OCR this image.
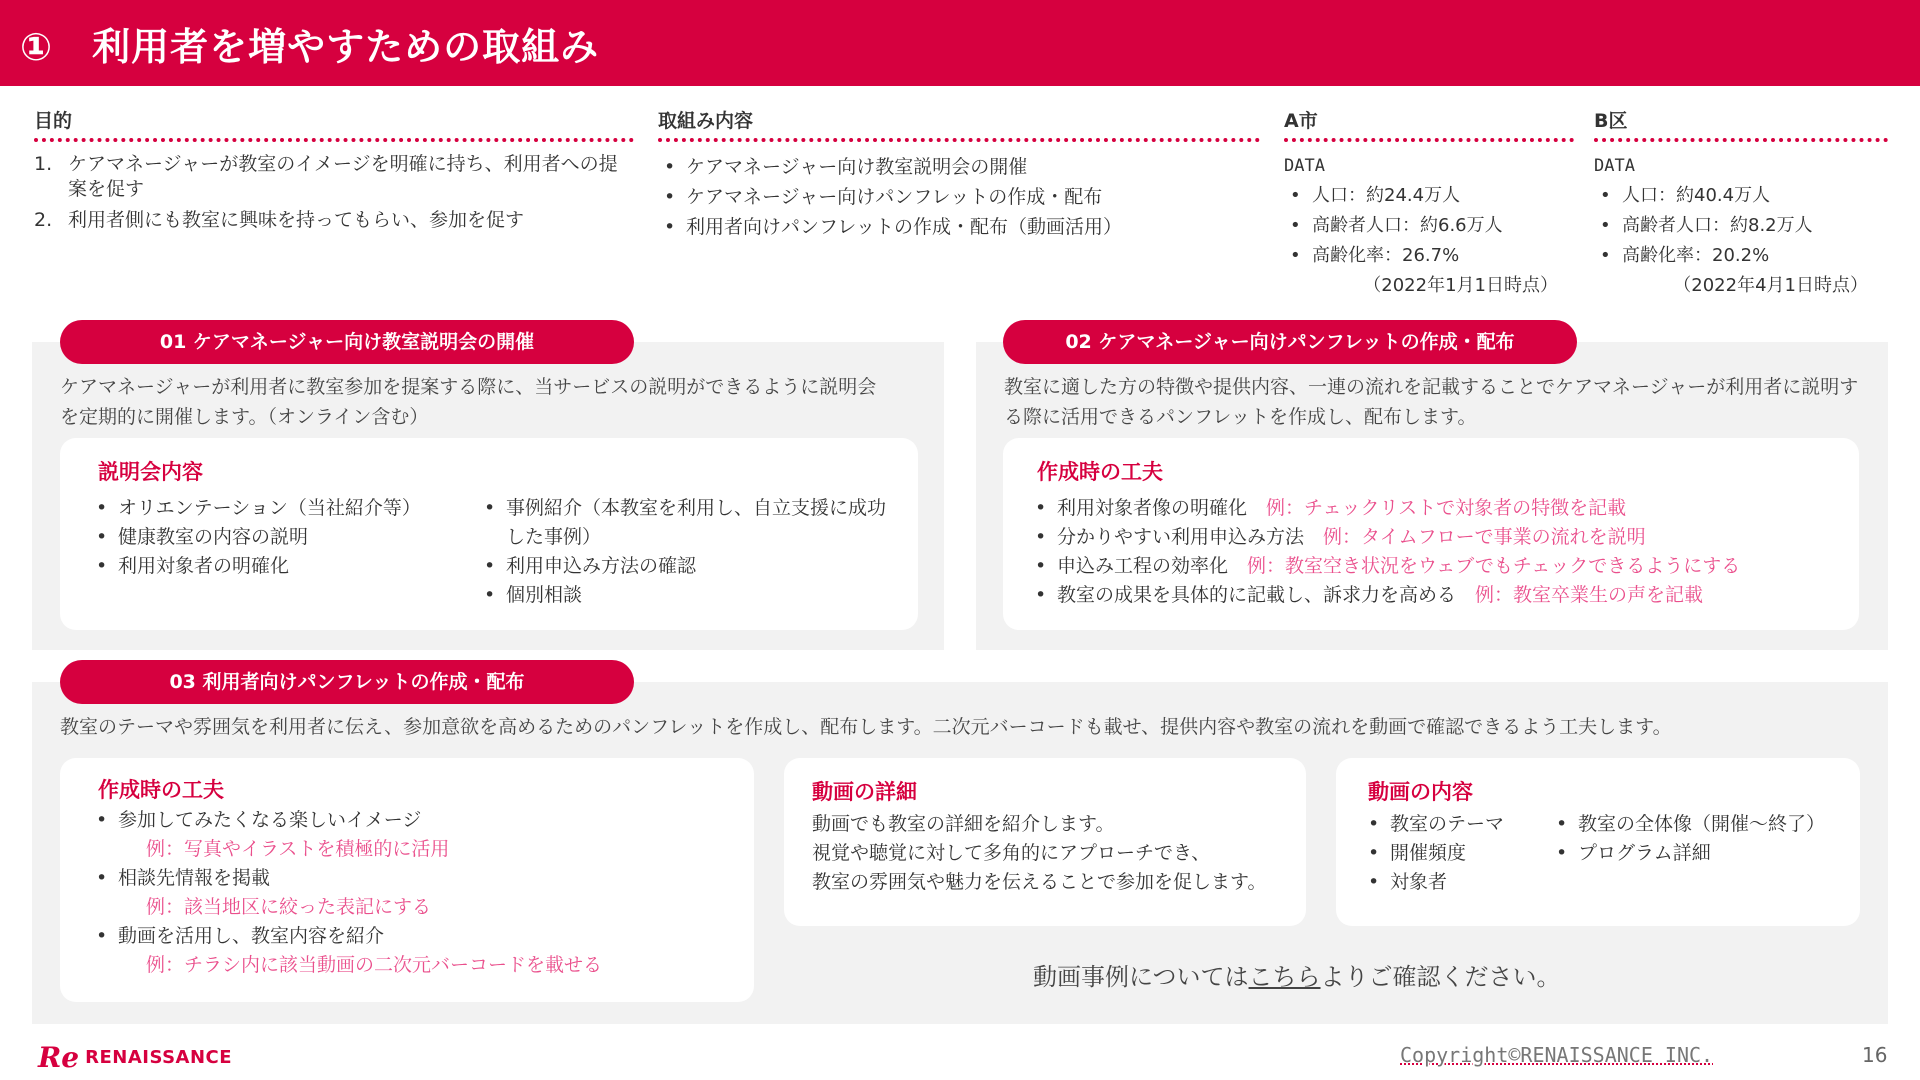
①　利用者を増やすための取組み
目的	取組み内容	A市	B区
1. ケアマネージャーが教室のイメージを明確に持ち、利用者への提案を促す
2. 利用者側にも教室に興味を持ってもらい、参加を促す
• ケアマネージャー向け教室説明会の開催
• ケアマネージャー向けパンフレットの作成・配布
• 利用者向けパンフレットの作成・配布（動画活用）
DATA
• 人口：約24.4万人
• 高齢者人口：約6.6万人
• 高齢化率：26.7%
（2022年1月1日時点）
DATA
• 人口：約40.4万人
• 高齢者人口：約8.2万人
• 高齢化率：20.2%
（2022年4月1日時点）
01 ケアマネージャー向け教室説明会の開催
ケアマネージャーが利用者に教室参加を提案する際に、当サービスの説明ができるように説明会を定期的に開催します。（オンライン含む）
説明会内容
• オリエンテーション（当社紹介等）
• 健康教室の内容の説明
• 利用対象者の明確化
• 事例紹介（本教室を利用し、自立支援に成功した事例）
• 利用申込み方法の確認
• 個別相談
02 ケアマネージャー向けパンフレットの作成・配布
教室に適した方の特徴や提供内容、一連の流れを記載することでケアマネージャーが利用者に説明する際に活用できるパンフレットを作成し、配布します。
作成時の工夫
• 利用対象者像の明確化　 例：チェックリストで対象者の特徴を記載
• 分かりやすい利用申込み方法　 例：タイムフローで事業の流れを説明
• 申込み工程の効率化　 例：教室空き状況をウェブでもチェックできるようにする
• 教室の成果を具体的に記載し、訴求力を高める　 例：教室卒業生の声を記載
03 利用者向けパンフレットの作成・配布
教室のテーマや雰囲気を利用者に伝え、参加意欲を高めるためのパンフレットを作成し、配布します。二次元バーコードも載せ、提供内容や教室の流れを動画で確認できるよう工夫します。
作成時の工夫
• 参加してみたくなる楽しいイメージ
例：写真やイラストを積極的に活用
• 相談先情報を掲載
例：該当地区に絞った表記にする
• 動画を活用し、教室内容を紹介
例：チラシ内に該当動画の二次元バーコードを載せる
動画の詳細
動画でも教室の詳細を紹介します。
視覚や聴覚に対して多角的にアプローチでき、
教室の雰囲気や魅力を伝えることで参加を促します。
動画の内容
• 教室のテーマ
• 開催頻度
• 対象者
• 教室の全体像（開催～終了）
• プログラム詳細
動画事例についてはこちらよりご確認ください。
Re RENAISSANCE	Copyright©RENAISSANCE INC.	16
